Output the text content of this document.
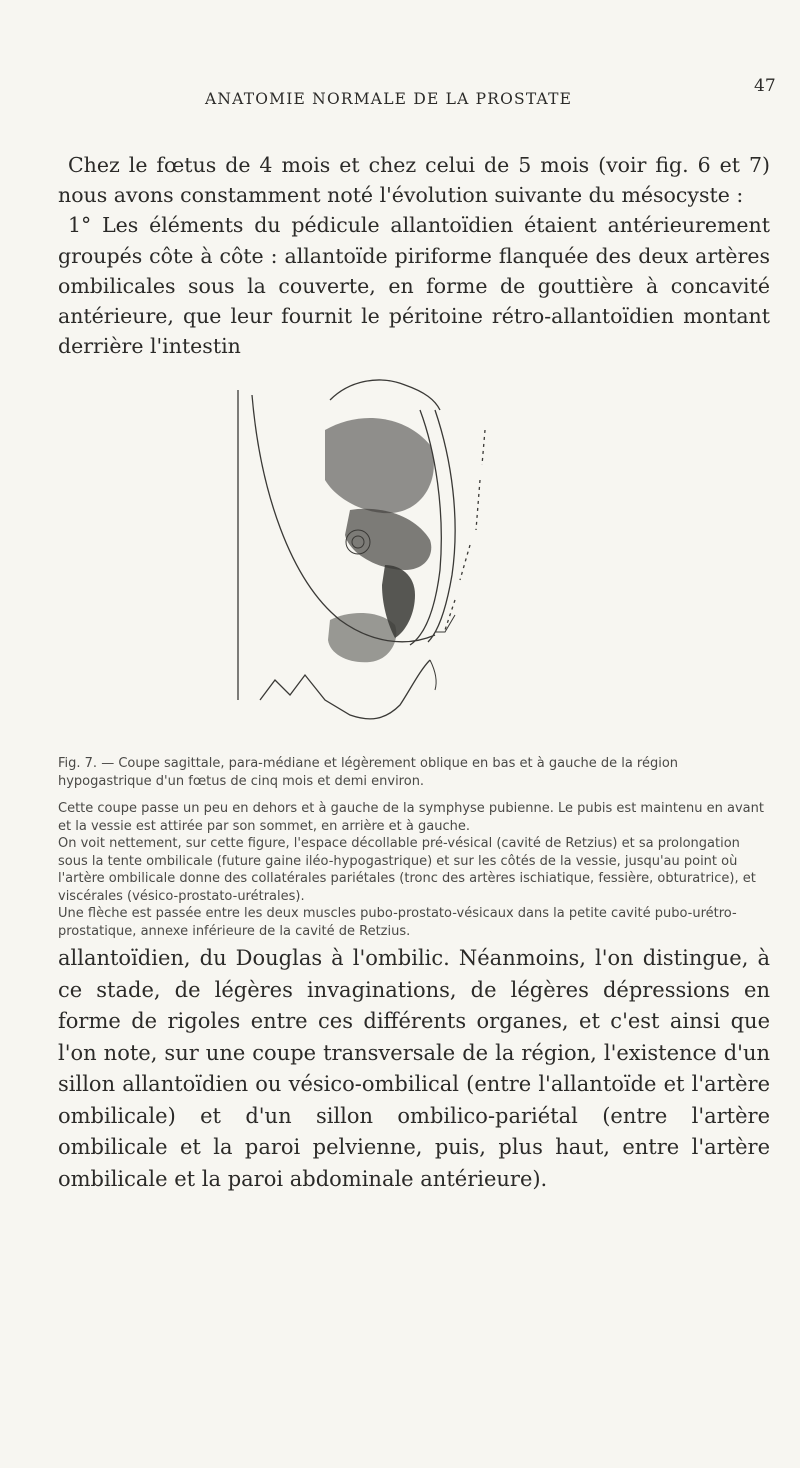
ANATOMIE NORMALE DE LA PROSTATE
47

Chez le fœtus de 4 mois et chez celui de 5 mois (voir fig. 6 et 7) nous avons constamment noté l'évolution suivante du mésocyste :

1° Les éléments du pédicule allantoïdien étaient antérieurement groupés côte à côte : allantoïde piriforme flanquée des deux artères ombilicales sous la couverte, en forme de gouttière à concavité antérieure, que leur fournit le péritoine rétro-allantoïdien montant derrière l'intestin

Fig. 7. — Coupe sagittale, para-médiane et légèrement oblique en bas et à gauche de la région hypogastrique d'un fœtus de cinq mois et demi environ.

Cette coupe passe un peu en dehors et à gauche de la symphyse pubienne. Le pubis est maintenu en avant et la vessie est attirée par son sommet, en arrière et à gauche.

On voit nettement, sur cette figure, l'espace décollable pré-vésical (cavité de Retzius) et sa prolongation sous la tente ombilicale (future gaine iléo-hypogastrique) et sur les côtés de la vessie, jusqu'au point où l'artère ombilicale donne des collatérales pariétales (tronc des artères ischiatique, fessière, obturatrice), et viscérales (vésico-prostato-urétrales).

Une flèche est passée entre les deux muscles pubo-prostato-vésicaux dans la petite cavité pubo-urétro-prostatique, annexe inférieure de la cavité de Retzius.

allantoïdien, du Douglas à l'ombilic. Néanmoins, l'on distingue, à ce stade, de légères invaginations, de légères dépressions en forme de rigoles entre ces différents organes, et c'est ainsi que l'on note, sur une coupe transversale de la région, l'existence d'un sillon allantoïdien ou vésico-ombilical (entre l'allantoïde et l'artère ombilicale) et d'un sillon ombilico-pariétal (entre l'artère ombilicale et la paroi pelvienne, puis, plus haut, entre l'artère ombilicale et la paroi abdominale antérieure).
